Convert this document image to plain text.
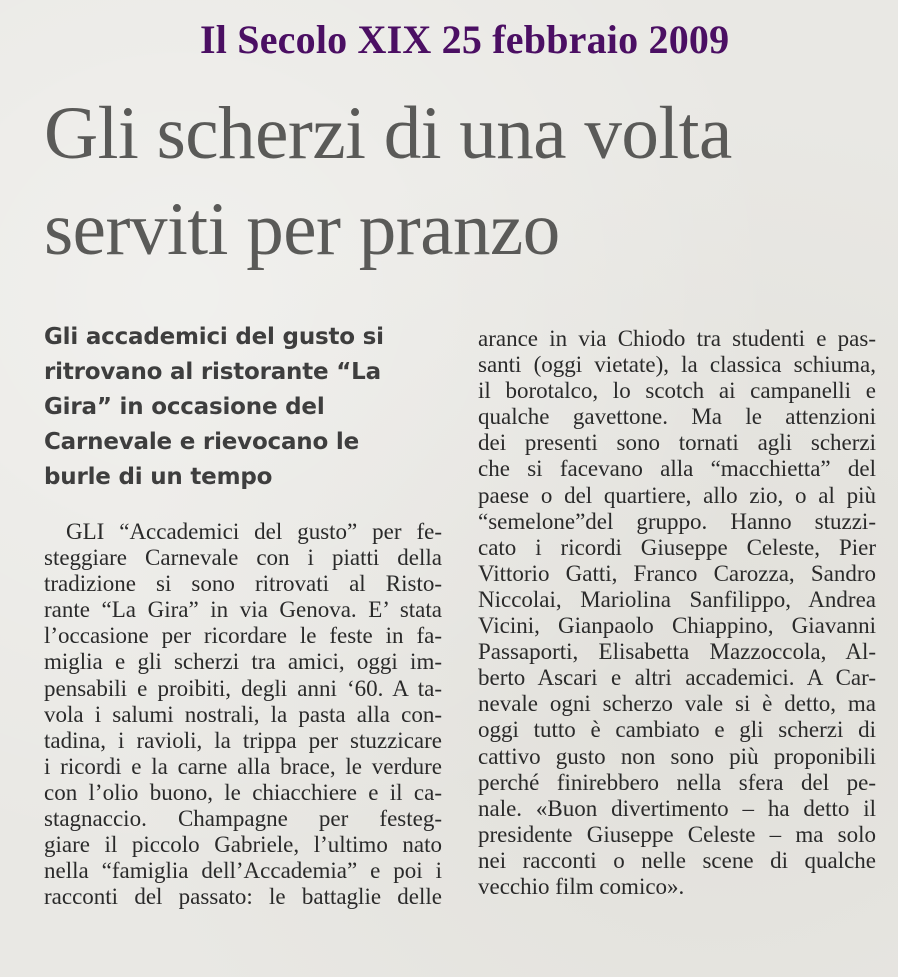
Il Secolo XIX 25 febbraio 2009
Gli scherzi di una volta
serviti per pranzo
Gli accademici del gusto si
ritrovano al ristorante “La
Gira” in occasione del
Carnevale e rievocano le
burle di un tempo
GLI “Accademici del gusto” per fe-
steggiare Carnevale con i piatti della
tradizione si sono ritrovati al Risto-
rante “La Gira” in via Genova. E’ stata
l’occasione per ricordare le feste in fa-
miglia e gli scherzi tra amici, oggi im-
pensabili e proibiti, degli anni ‘60. A ta-
vola i salumi nostrali, la pasta alla con-
tadina, i ravioli, la trippa per stuzzicare
i ricordi e la carne alla brace, le verdure
con l’olio buono, le chiacchiere e il ca-
stagnaccio. Champagne per festeg-
giare il piccolo Gabriele, l’ultimo nato
nella “famiglia dell’Accademia” e poi i
racconti del passato: le battaglie delle
arance in via Chiodo tra studenti e pas-
santi (oggi vietate), la classica schiuma,
il borotalco, lo scotch ai campanelli e
qualche gavettone. Ma le attenzioni
dei presenti sono tornati agli scherzi
che si facevano alla “macchietta” del
paese o del quartiere, allo zio, o al più
“semelone”del gruppo. Hanno stuzzi-
cato i ricordi Giuseppe Celeste, Pier
Vittorio Gatti, Franco Carozza, Sandro
Niccolai, Mariolina Sanfilippo, Andrea
Vicini, Gianpaolo Chiappino, Giavanni
Passaporti, Elisabetta Mazzoccola, Al-
berto Ascari e altri accademici. A Car-
nevale ogni scherzo vale si è detto, ma
oggi tutto è cambiato e gli scherzi di
cattivo gusto non sono più proponibili
perché finirebbero nella sfera del pe-
nale. «Buon divertimento – ha detto il
presidente Giuseppe Celeste – ma solo
nei racconti o nelle scene di qualche
vecchio film comico».
